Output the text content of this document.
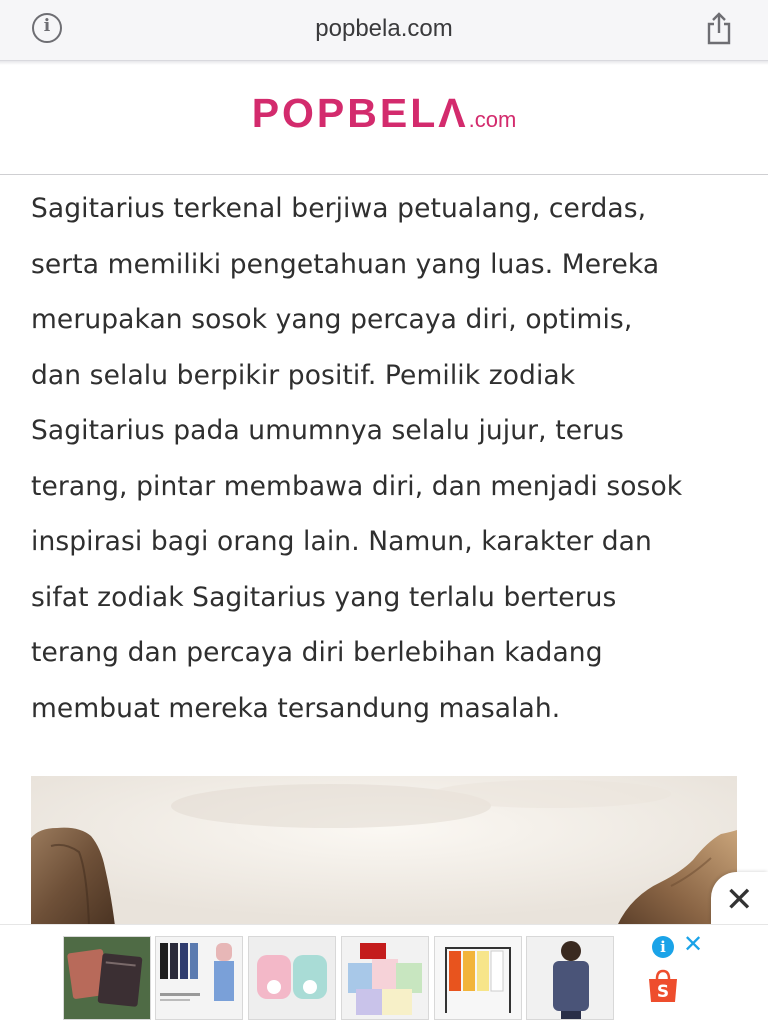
i	popbela.com
POPBELΛ.com

Sagitarius terkenal berjiwa petualang, cerdas,
serta memiliki pengetahuan yang luas. Mereka
merupakan sosok yang percaya diri, optimis,
dan selalu berpikir positif. Pemilik zodiak
Sagitarius pada umumnya selalu jujur, terus
terang, pintar membawa diri, dan menjadi sosok
inspirasi bagi orang lain. Namun, karakter dan
sifat zodiak Sagitarius yang terlalu berterus
terang dan percaya diri berlebihan kadang
membuat mereka tersandung masalah.

✕
i ✕
S
